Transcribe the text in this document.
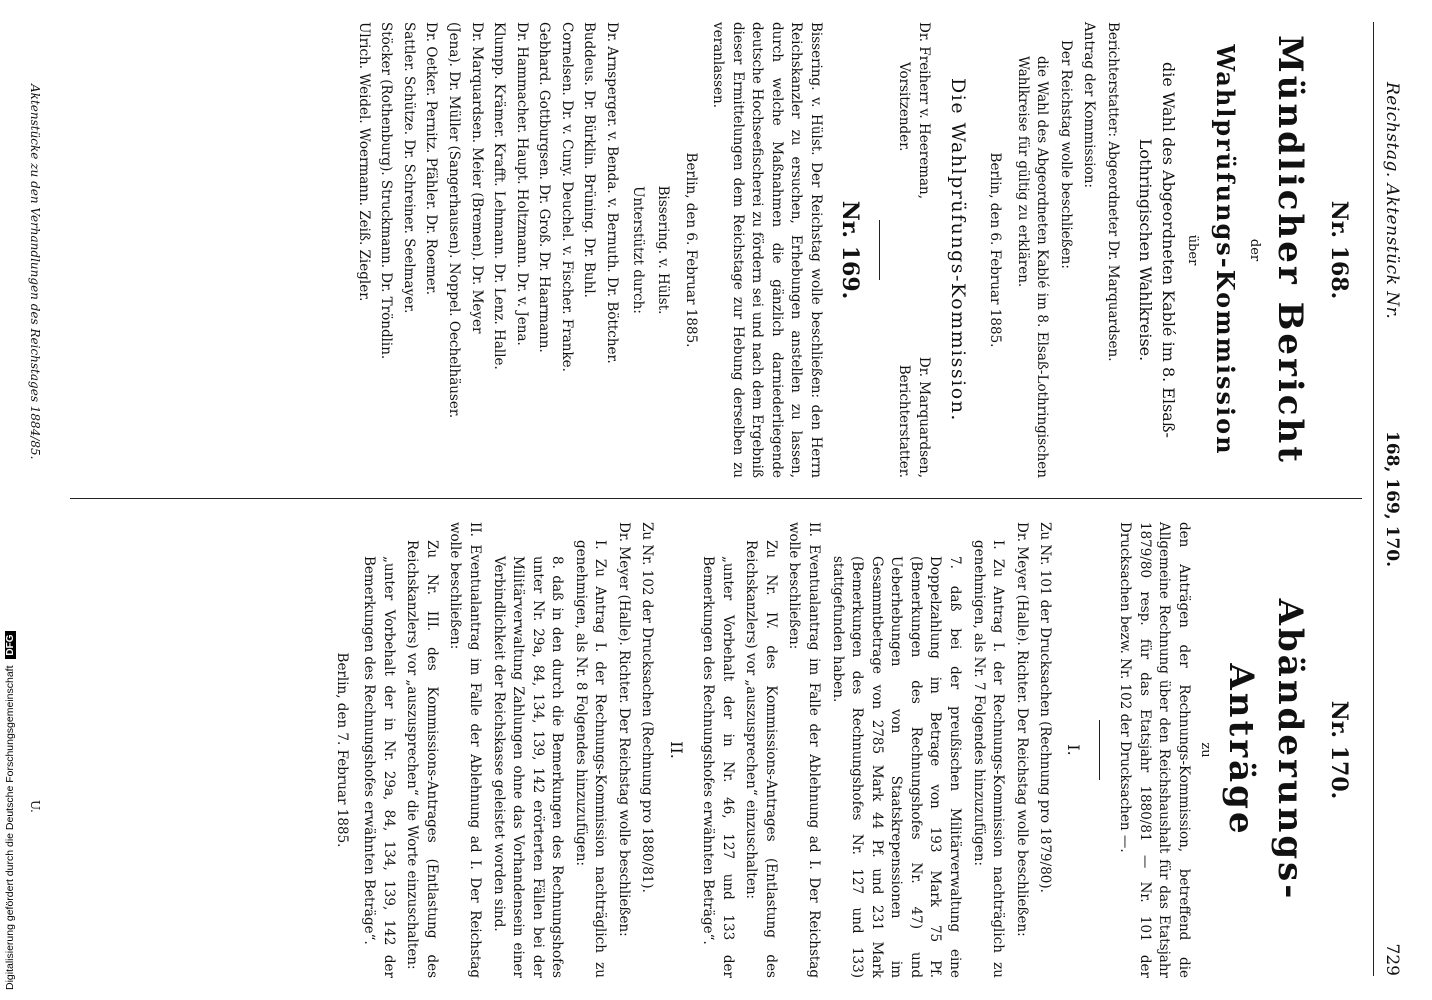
Reichstag. Aktenstück Nr.
168, 169, 170.
729
Nr. 168.
Mündlicher Bericht
der
Wahlprüfungs-Kommission
über
die Wahl des Abgeordneten Kablé im 8. Elsaß-Lothringischen Wahlkreise.

Berichterstatter: Abgeordneter Dr. Marquardsen.

Antrag der Kommission:

Der Reichstag wolle beschließen:

die Wahl des Abgeordneten Kablé im 8. Elsaß-Lothringischen Wahlkreise für gültig zu erklären.

Berlin, den 6. Februar 1885.
Die Wahlprüfungs-Kommission.
Dr. Freiherr v. Heereman,
Vorsitzender.
Dr. Marquardsen,
Berichterstatter.
Nr. 169.

Bissering. v. Hülst. Der Reichstag wolle beschließen: den Herrn Reichskanzler zu ersuchen, Erhebungen anstellen zu lassen, durch welche Maßnahmen die gänzlich darniederliegende deutsche Hochseefischerei zu fördern sei und nach dem Ergebniß dieser Ermittelungen dem Reichstage zur Hebung derselben zu veranlassen.

Berlin, den 6. Februar 1885.
Bissering. v. Hülst.
Unterstützt durch:

Dr. Arnsperger. v. Benda. v. Bernuth. Dr. Böttcher.

Buddeus. Dr. Bürklin. Brüning. Dr. Buhl.

Cornelsen. Dr. v. Cuny. Deuchel. v. Fischer. Franke.

Gebhard. Gottburgsen. Dr. Groß. Dr. Haarmann.

Dr. Hammacher. Haupt. Holtzmann. Dr. v. Jena.

Klumpp. Krämer. Krafft. Lehmann. Dr. Lenz. Halle.

Dr. Marquardsen. Meier (Bremen). Dr. Meyer

(Jena). Dr. Müller (Sangerhausen). Noppel. Oechelhäuser.

Dr. Oetker. Pernitz. Pfähler. Dr. Roemer.

Sattler. Schütze. Dr. Schreiner. Seelmayer.

Stöcker (Rothenburg). Struckmann. Dr. Tröndlin.

Ulrich. Weidel. Woermann. Zeiß. Ziegler.

Nr. 170.
Abänderungs-Anträge
zu

den Anträgen der Rechnungs-Kommission, betreffend die Allgemeine Rechnung über den Reichshaushalt für das Etatsjahr 1879/80 resp. für das Etatsjahr 1880/81 — Nr. 101 der Drucksachen bezw. Nr. 102 der Drucksachen —.

I.

Zu Nr. 101 der Drucksachen (Rechnung pro 1879/80).

Dr. Meyer (Halle). Richter. Der Reichstag wolle beschließen:

I. Zu Antrag I. der Rechnungs-Kommission nachträglich zu genehmigen, als Nr. 7 Folgendes hinzuzufügen:

7. daß bei der preußischen Militärverwaltung eine Doppelzahlung im Betrage von 193 Mark 75 Pf. (Bemerkungen des Rechnungshofes Nr. 47) und Ueberhebungen von Staatskrepenssionen im Gesammtbetrage von 2785 Mark 44 Pf. und 231 Mark (Bemerkungen des Rechnungshofes Nr. 127 und 133) stattgefunden haben.

II. Eventualantrag im Falle der Ablehnung ad I. Der Reichstag wolle beschließen:

Zu Nr. IV. des Kommissions-Antrages (Entlastung des Reichskanzlers) vor „auszusprechen“ einzuschalten:

„unter Vorbehalt der in Nr. 46, 127 und 133 der Bemerkungen des Rechnungshofes erwähnten Beträge“.

II.

Zu Nr. 102 der Drucksachen (Rechnung pro 1880/81).

Dr. Meyer (Halle). Richter. Der Reichstag wolle beschließen:

I. Zu Antrag I. der Rechnungs-Kommission nachträglich zu genehmigen, als Nr. 8 Folgendes hinzuzufügen:

8. daß in den durch die Bemerkungen des Rechnungshofes unter Nr. 29a, 84, 134, 139, 142 erörterten Fällen bei der Militärverwaltung Zahlungen ohne das Vorhandensein einer Verbindlichkeit der Reichskasse geleistet worden sind.

II. Eventualantrag im Falle der Ablehnung ad I. Der Reichstag wolle beschließen:

Zu Nr. III. des Kommissions-Antrages (Entlastung des Reichskanzlers) vor „auszusprechen“ die Worte einzuschalten:

„unter Vorbehalt der in Nr. 29a, 84, 134, 139, 142 der Bemerkungen des Rechnungshofes erwähnten Beträge“.

Berlin, den 7. Februar 1885.
Aktenstücke zu den Verhandlungen des Reichstages 1884/85.
U.
Digitalisierung gefördert durch die Deutsche Forschungsgemeinschaft DFG
